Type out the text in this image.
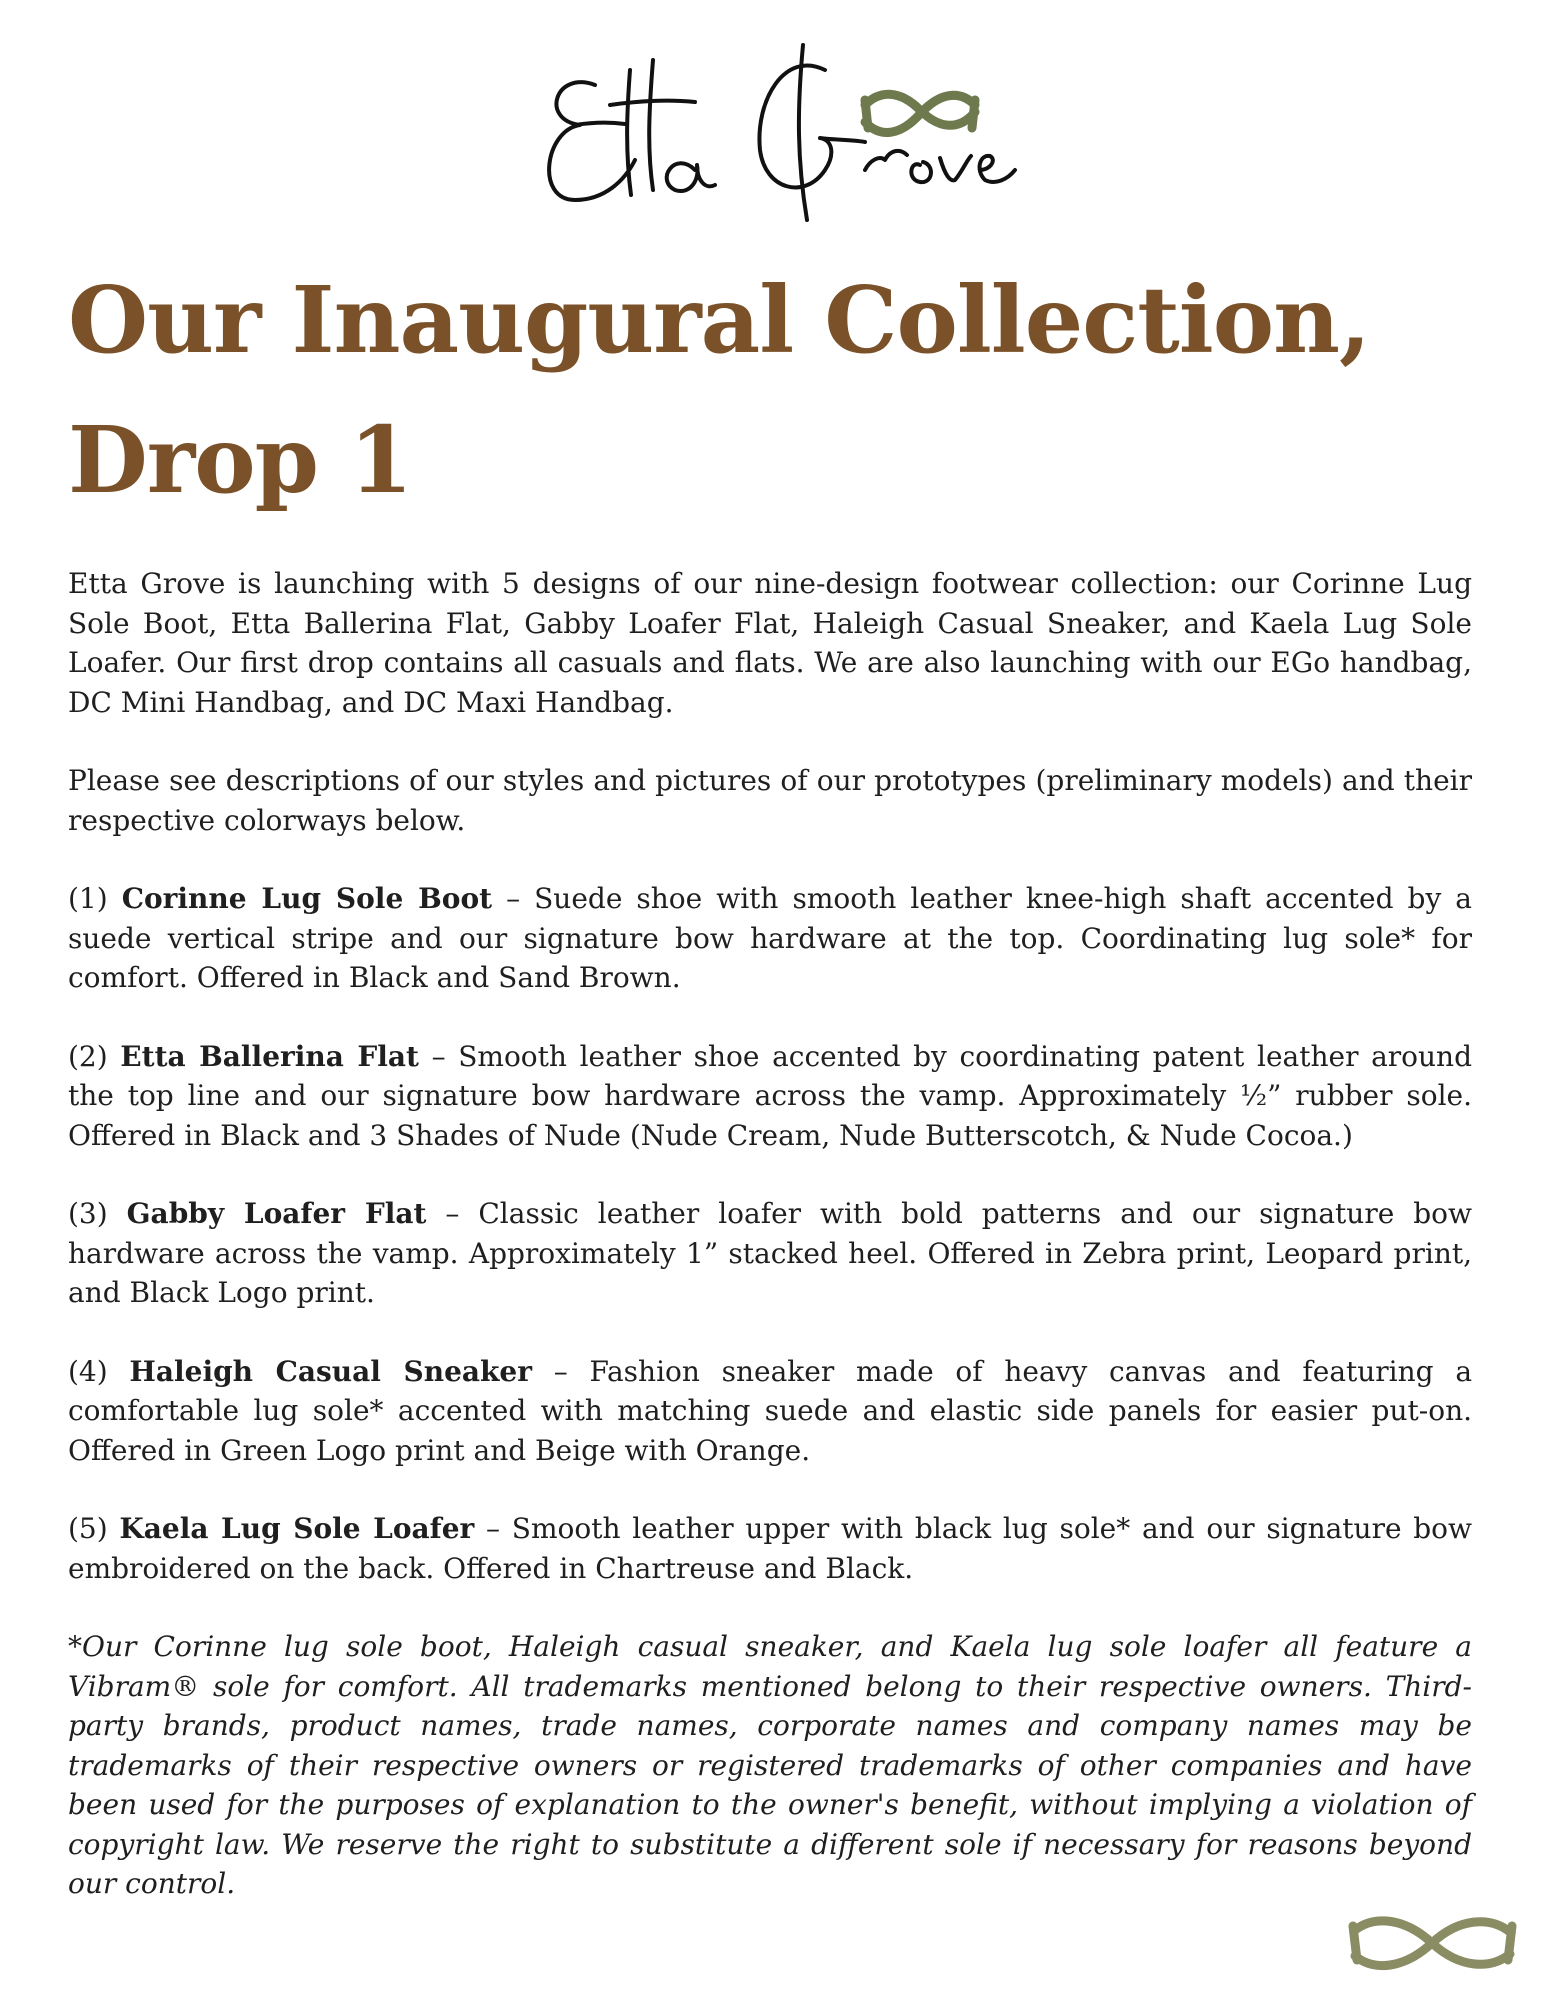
Our Inaugural Collection,
Drop 1

Etta Grove is launching with 5 designs of our nine-design footwear collection: our Corinne Lug Sole Boot, Etta Ballerina Flat, Gabby Loafer Flat, Haleigh Casual Sneaker, and Kaela Lug Sole Loafer. Our first drop contains all casuals and flats. We are also launching with our EGo handbag, DC Mini Handbag, and DC Maxi Handbag.

Please see descriptions of our styles and pictures of our prototypes (preliminary models) and their respective colorways below.

(1) Corinne Lug Sole Boot – Suede shoe with smooth leather knee-high shaft accented by a suede vertical stripe and our signature bow hardware at the top. Coordinating lug sole* for comfort. Offered in Black and Sand Brown.

(2) Etta Ballerina Flat – Smooth leather shoe accented by coordinating patent leather around the top line and our signature bow hardware across the vamp. Approximately ½” rubber sole. Offered in Black and 3 Shades of Nude (Nude Cream, Nude Butterscotch, & Nude Cocoa.)

(3) Gabby Loafer Flat – Classic leather loafer with bold patterns and our signature bow hardware across the vamp. Approximately 1” stacked heel. Offered in Zebra print, Leopard print, and Black Logo print.

(4) Haleigh Casual Sneaker – Fashion sneaker made of heavy canvas and featuring a comfortable lug sole* accented with matching suede and elastic side panels for easier put-on. Offered in Green Logo print and Beige with Orange.

(5) Kaela Lug Sole Loafer – Smooth leather upper with black lug sole* and our signature bow embroidered on the back. Offered in Chartreuse and Black.

*Our Corinne lug sole boot, Haleigh casual sneaker, and Kaela lug sole loafer all feature a Vibram® sole for comfort. All trademarks mentioned belong to their respective owners. Third-party brands, product names, trade names, corporate names and company names may be trademarks of their respective owners or registered trademarks of other companies and have been used for the purposes of explanation to the owner's benefit, without implying a violation of copyright law. We reserve the right to substitute a different sole if necessary for reasons beyond our control.
